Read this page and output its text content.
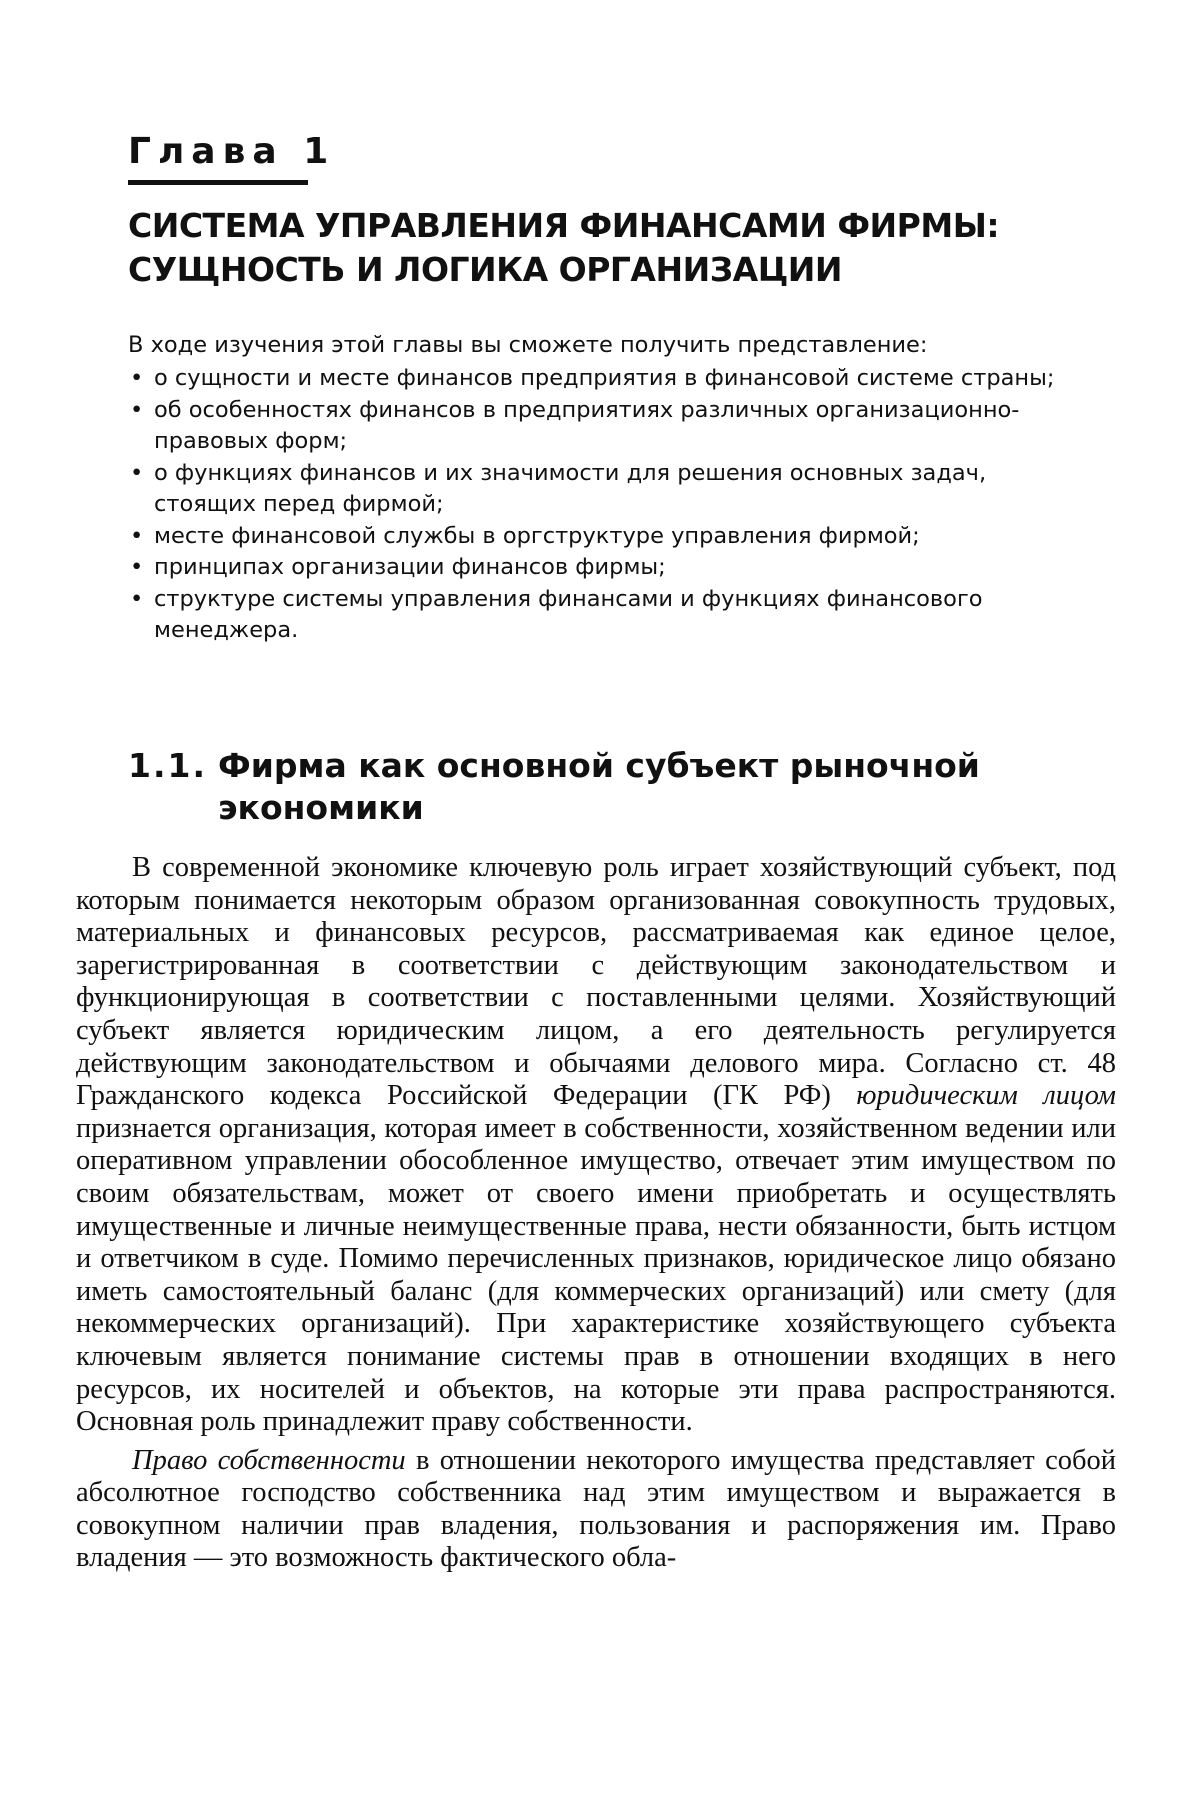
Глава 1
СИСТЕМА УПРАВЛЕНИЯ ФИНАНСАМИ ФИРМЫ:
СУЩНОСТЬ И ЛОГИКА ОРГАНИЗАЦИИ

В ходе изучения этой главы вы сможете получить представление:

• о сущности и месте финансов предприятия в финансовой системе страны;
• об особенностях финансов в предприятиях различных организационно-правовых форм;
• о функциях финансов и их значимости для решения основных задач, стоящих перед фирмой;
• месте финансовой службы в оргструктуре управления фирмой;
• принципах организации финансов фирмы;
• структуре системы управления финансами и функциях финансового менеджера.
1.1. Фирма как основной субъект рыночной экономики

В современной экономике ключевую роль играет хозяйствующий субъект, под которым понимается некоторым образом организованная совокупность трудовых, материальных и финансовых ресурсов, рассматриваемая как единое целое, зарегистрированная в соответствии с действующим законодательством и функционирующая в соответствии с поставленными целями. Хозяйствующий субъект является юридическим лицом, а его деятельность регулируется действующим законодательством и обычаями делового мира. Согласно ст. 48 Гражданского кодекса Российской Федерации (ГК РФ) юридическим лицом признается организация, которая имеет в собственности, хозяйственном ведении или оперативном управлении обособленное имущество, отвечает этим имуществом по своим обязательствам, может от своего имени приобретать и осуществлять имущественные и личные неимущественные права, нести обязанности, быть истцом и ответчиком в суде. Помимо перечисленных признаков, юридическое лицо обязано иметь самостоятельный баланс (для коммерческих организаций) или смету (для некоммерческих организаций). При характеристике хозяйствующего субъекта ключевым является понимание системы прав в отношении входящих в него ресурсов, их носителей и объектов, на которые эти права распространяются. Основная роль принадлежит праву собственности.

Право собственности в отношении некоторого имущества представляет собой абсолютное господство собственника над этим имуществом и выражается в совокупном наличии прав владения, пользования и распоряжения им. Право владения — это возможность фактического обла-
